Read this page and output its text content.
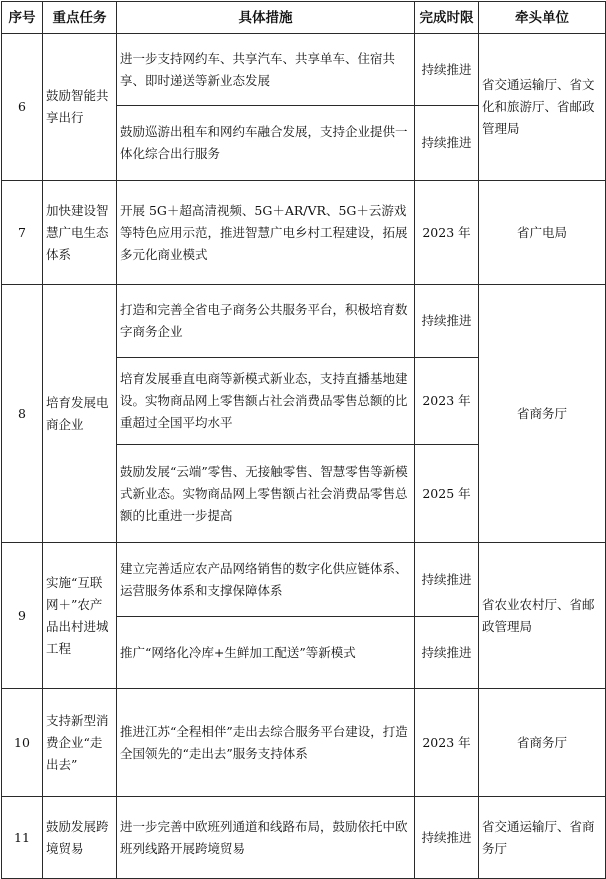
序号	重点任务	具体措施	完成时限	牵头单位
6	鼓励智能共享出行	进一步支持网约车、共享汽车、共享单车、住宿共享、即时递送等新业态发展	持续推进	省交通运输厅、省文化和旅游厅、省邮政管理局
		鼓励巡游出租车和网约车融合发展，支持企业提供一体化综合出行服务	持续推进	
7	加快建设智慧广电生态体系	开展 5G＋超高清视频、5G＋AR/VR、5G＋云游戏等特色应用示范，推进智慧广电乡村工程建设，拓展多元化商业模式	2023 年	省广电局
8	培育发展电商企业	打造和完善全省电子商务公共服务平台，积极培育数字商务企业	持续推进	省商务厅
		培育发展垂直电商等新模式新业态，支持直播基地建设。实物商品网上零售额占社会消费品零售总额的比重超过全国平均水平	2023 年	
		鼓励发展“云端”零售、无接触零售、智慧零售等新模式新业态。实物商品网上零售额占社会消费品零售总额的比重进一步提高	2025 年	
9	实施“互联网＋”农产品出村进城工程	建立完善适应农产品网络销售的数字化供应链体系、运营服务体系和支撑保障体系	持续推进	省农业农村厅、省邮政管理局
		推广“网络化冷库+生鲜加工配送”等新模式	持续推进	
10	支持新型消费企业“走出去”	推进江苏“全程相伴”走出去综合服务平台建设，打造全国领先的“走出去”服务支持体系	2023 年	省商务厅
11	鼓励发展跨境贸易	进一步完善中欧班列通道和线路布局，鼓励依托中欧班列线路开展跨境贸易	持续推进	省交通运输厅、省商务厅
